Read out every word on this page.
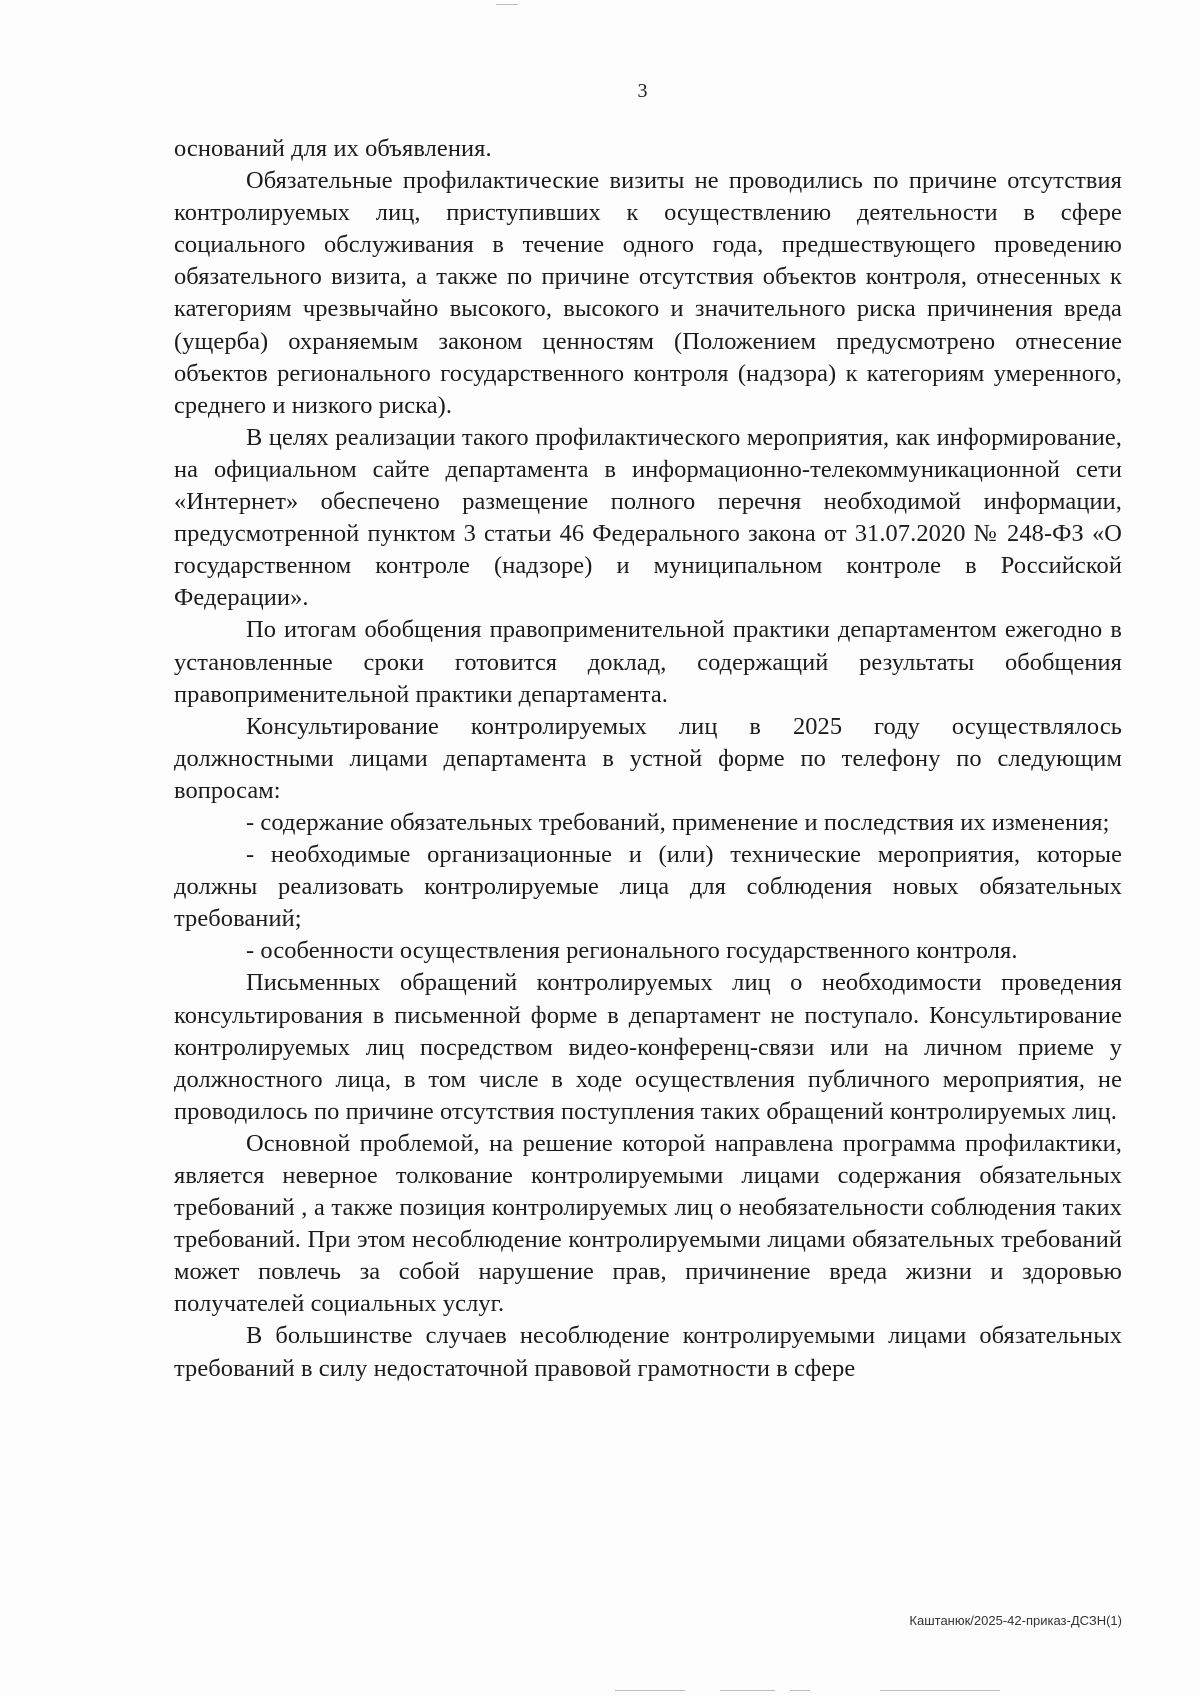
3

оснований для их объявления.

Обязательные профилактические визиты не проводились по причине отсутствия контролируемых лиц, приступивших к осуществлению деятельности в сфере социального обслуживания в течение одного года, предшествующего проведению обязательного визита, а также по причине отсутствия объектов контроля, отнесенных к категориям чрезвычайно высокого, высокого и значительного риска причинения вреда (ущерба) охраняемым законом ценностям (Положением предусмотрено отнесение объектов регионального государственного контроля (надзора) к категориям умеренного, среднего и низкого риска).

В целях реализации такого профилактического мероприятия, как информирование, на официальном сайте департамента в информационно-телекоммуникационной сети «Интернет» обеспечено размещение полного перечня необходимой информации, предусмотренной пунктом 3 статьи 46 Федерального закона от 31.07.2020 № 248-ФЗ «О государственном контроле (надзоре) и муниципальном контроле в Российской Федерации».

По итогам обобщения правоприменительной практики департаментом ежегодно в установленные сроки готовится доклад, содержащий результаты обобщения правоприменительной практики департамента.

Консультирование контролируемых лиц в 2025 году осуществлялось должностными лицами департамента в устной форме по телефону по следующим вопросам:

- содержание обязательных требований, применение и последствия их изменения;

- необходимые организационные и (или) технические мероприятия, которые должны реализовать контролируемые лица для соблюдения новых обязательных требований;

- особенности осуществления регионального государственного контроля.

Письменных обращений контролируемых лиц о необходимости проведения консультирования в письменной форме в департамент не поступало. Консультирование контролируемых лиц посредством видео-конференц-связи или на личном приеме у должностного лица, в том числе в ходе осуществления публичного мероприятия, не проводилось по причине отсутствия поступления таких обращений контролируемых лиц.

Основной проблемой, на решение которой направлена программа профилактики, является неверное толкование контролируемыми лицами содержания обязательных требований , а также позиция контролируемых лиц о необязательности соблюдения таких требований. При этом несоблюдение контролируемыми лицами обязательных требований может повлечь за собой нарушение прав, причинение вреда жизни и здоровью получателей социальных услуг.

В большинстве случаев несоблюдение контролируемыми лицами обязательных требований в силу недостаточной правовой грамотности в сфере

Каштанюк/2025-42-приказ-ДСЗН(1)
